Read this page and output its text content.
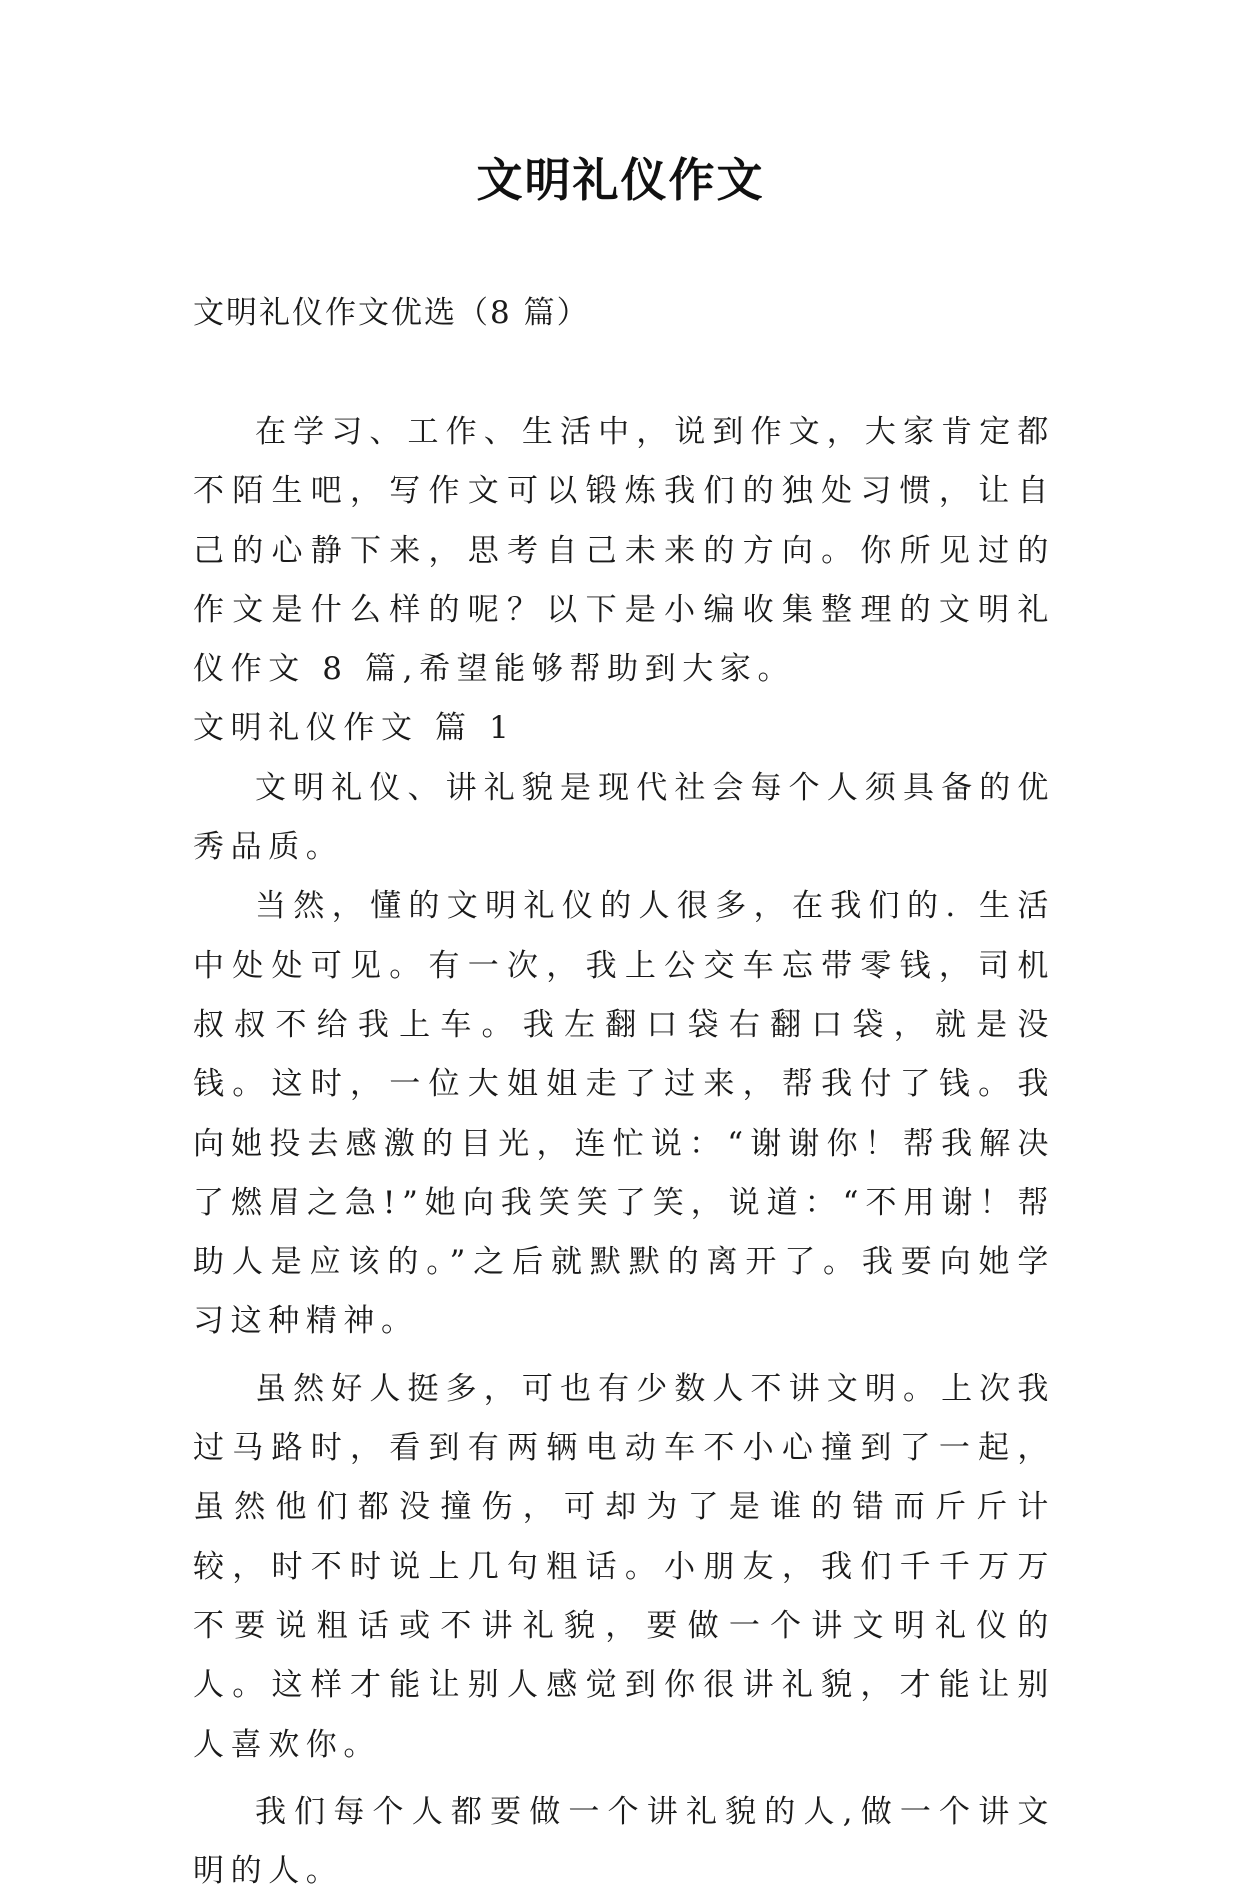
文明礼仪作文
文明礼仪作文优选（8 篇）

在学习、工作、生活中，说到作文，大家肯定都不陌生吧，写作文可以锻炼我们的独处习惯，让自己的心静下来，思考自己未来的方向。你所见过的作文是什么样的呢？以下是小编收集整理的文明礼仪作文 8 篇,希望能够帮助到大家。

文明礼仪作文 篇 1

文明礼仪、讲礼貌是现代社会每个人须具备的优秀品质。

当然，懂的文明礼仪的人很多，在我们的. 生活中处处可见。有一次，我上公交车忘带零钱，司机叔叔不给我上车。我左翻口袋右翻口袋，就是没钱。这时，一位大姐姐走了过来，帮我付了钱。我向她投去感激的目光，连忙说：“谢谢你！帮我解决了燃眉之急!”她向我笑笑了笑，说道：“不用谢！帮助人是应该的。”之后就默默的离开了。我要向她学习这种精神。

虽然好人挺多，可也有少数人不讲文明。上次我过马路时，看到有两辆电动车不小心撞到了一起，虽然他们都没撞伤，可却为了是谁的错而斤斤计较，时不时说上几句粗话。小朋友，我们千千万万不要说粗话或不讲礼貌，要做一个讲文明礼仪的人。这样才能让别人感觉到你很讲礼貌，才能让别人喜欢你。

我们每个人都要做一个讲礼貌的人,做一个讲文明的人。
